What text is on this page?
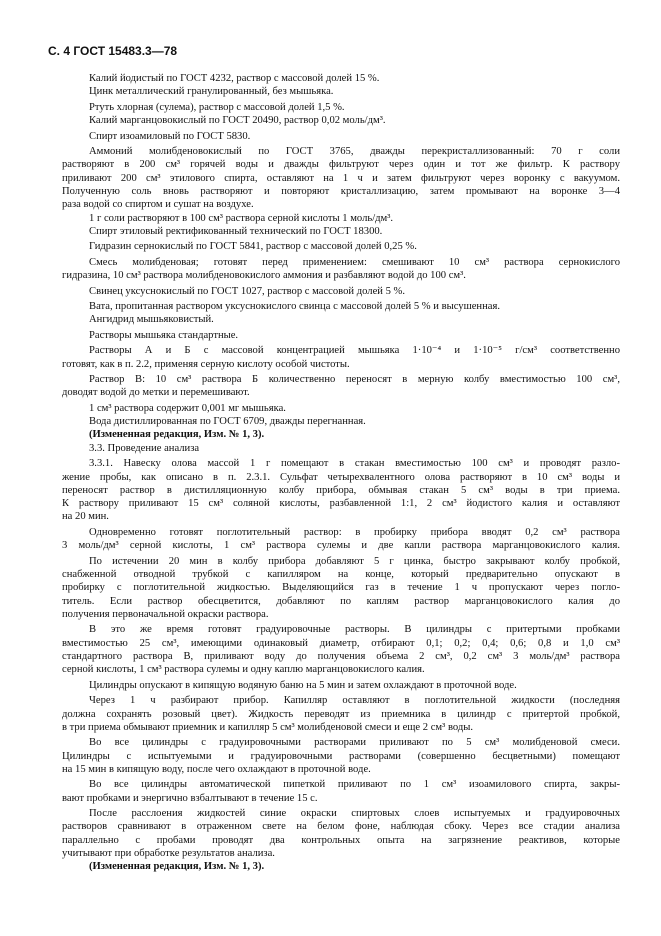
С. 4 ГОСТ 15483.3—78
Калий йодистый по ГОСТ 4232, раствор с массовой долей 15 %.
Цинк металлический гранулированный, без мышьяка.
Ртуть хлорная (сулема), раствор с массовой долей 1,5 %.
Калий марганцовокислый по ГОСТ 20490, раствор 0,02 моль/дм³.
Спирт изоамиловый по ГОСТ 5830.
Аммоний молибденовокислый по ГОСТ 3765, дважды перекристаллизованный: 70 г соли
растворяют в 200 см³ горячей воды и дважды фильтруют через один и тот же фильтр. К раствору
приливают 200 см³ этилового спирта, оставляют на 1 ч и затем фильтруют через воронку с вакуумом.
Полученную соль вновь растворяют и повторяют кристаллизацию, затем промывают на воронке 3—4
раза водой со спиртом и сушат на воздухе.
1 г соли растворяют в 100 см³ раствора серной кислоты 1 моль/дм³.
Спирт этиловый ректификованный технический по ГОСТ 18300.
Гидразин сернокислый по ГОСТ 5841, раствор с массовой долей 0,25 %.
Смесь молибденовая; готовят перед применением: смешивают 10 см³ раствора сернокислого
гидразина, 10 см³ раствора молибденовокислого аммония и разбавляют водой до 100 см³.
Свинец уксуснокислый по ГОСТ 1027, раствор с массовой долей 5 %.
Вата, пропитанная раствором уксуснокислого свинца с массовой долей 5 % и высушенная.
Ангидрид мышьяковистый.
Растворы мышьяка стандартные.
Растворы А и Б с массовой концентрацией мышьяка 1·10⁻⁴ и 1·10⁻⁵ г/см³ соответственно
готовят, как в п. 2.2, применяя серную кислоту особой чистоты.
Раствор В: 10 см³ раствора Б количественно переносят в мерную колбу вместимостью 100 см³,
доводят водой до метки и перемешивают.
1 см³ раствора содержит 0,001 мг мышьяка.
Вода дистиллированная по ГОСТ 6709, дважды перегнанная.
(Измененная редакция, Изм. № 1, 3).
3.3. Проведение анализа
3.3.1. Навеску олова массой 1 г помещают в стакан вместимостью 100 см³ и проводят разло-
жение пробы, как описано в п. 2.3.1. Сульфат четырехвалентного олова растворяют в 10 см³ воды и
переносят раствор в дистилляционную колбу прибора, обмывая стакан 5 см³ воды в три приема.
К раствору приливают 15 см³ соляной кислоты, разбавленной 1:1, 2 см³ йодистого калия и оставляют
на 20 мин.
Одновременно готовят поглотительный раствор: в пробирку прибора вводят 0,2 см³ раствора
3 моль/дм³ серной кислоты, 1 см³ раствора сулемы и две капли раствора марганцовокислого калия.
По истечении 20 мин в колбу прибора добавляют 5 г цинка, быстро закрывают колбу пробкой,
снабженной отводной трубкой с капилляром на конце, который предварительно опускают в
пробирку с поглотительной жидкостью. Выделяющийся газ в течение 1 ч пропускают через погло-
титель. Если раствор обесцветится, добавляют по каплям раствор марганцовокислого калия до
получения первоначальной окраски раствора.
В это же время готовят градуировочные растворы. В цилиндры с притертыми пробками
вместимостью 25 см³, имеющими одинаковый диаметр, отбирают 0,1; 0,2; 0,4; 0,6; 0,8 и 1,0 см³
стандартного раствора В, приливают воду до получения объема 2 см³, 0,2 см³ 3 моль/дм³ раствора
серной кислоты, 1 см³ раствора сулемы и одну каплю марганцовокислого калия.
Цилиндры опускают в кипящую водяную баню на 5 мин и затем охлаждают в проточной воде.
Через 1 ч разбирают прибор. Капилляр оставляют в поглотительной жидкости (последняя
должна сохранять розовый цвет). Жидкость переводят из приемника в цилиндр с притертой пробкой,
в три приема обмывают приемник и капилляр 5 см³ молибденовой смеси и еще 2 см³ воды.
Во все цилиндры с градуировочными растворами приливают по 5 см³ молибденовой смеси.
Цилиндры с испытуемыми и градуировочными растворами (совершенно бесцветными) помещают
на 15 мин в кипящую воду, после чего охлаждают в проточной воде.
Во все цилиндры автоматической пипеткой приливают по 1 см³ изоамилового спирта, закры-
вают пробками и энергично взбалтывают в течение 15 с.
После расслоения жидкостей синие окраски спиртовых слоев испытуемых и градуировочных
растворов сравнивают в отраженном свете на белом фоне, наблюдая сбоку. Через все стадии анализа
параллельно с пробами проводят два контрольных опыта на загрязнение реактивов, которые
учитывают при обработке результатов анализа.
(Измененная редакция, Изм. № 1, 3).
